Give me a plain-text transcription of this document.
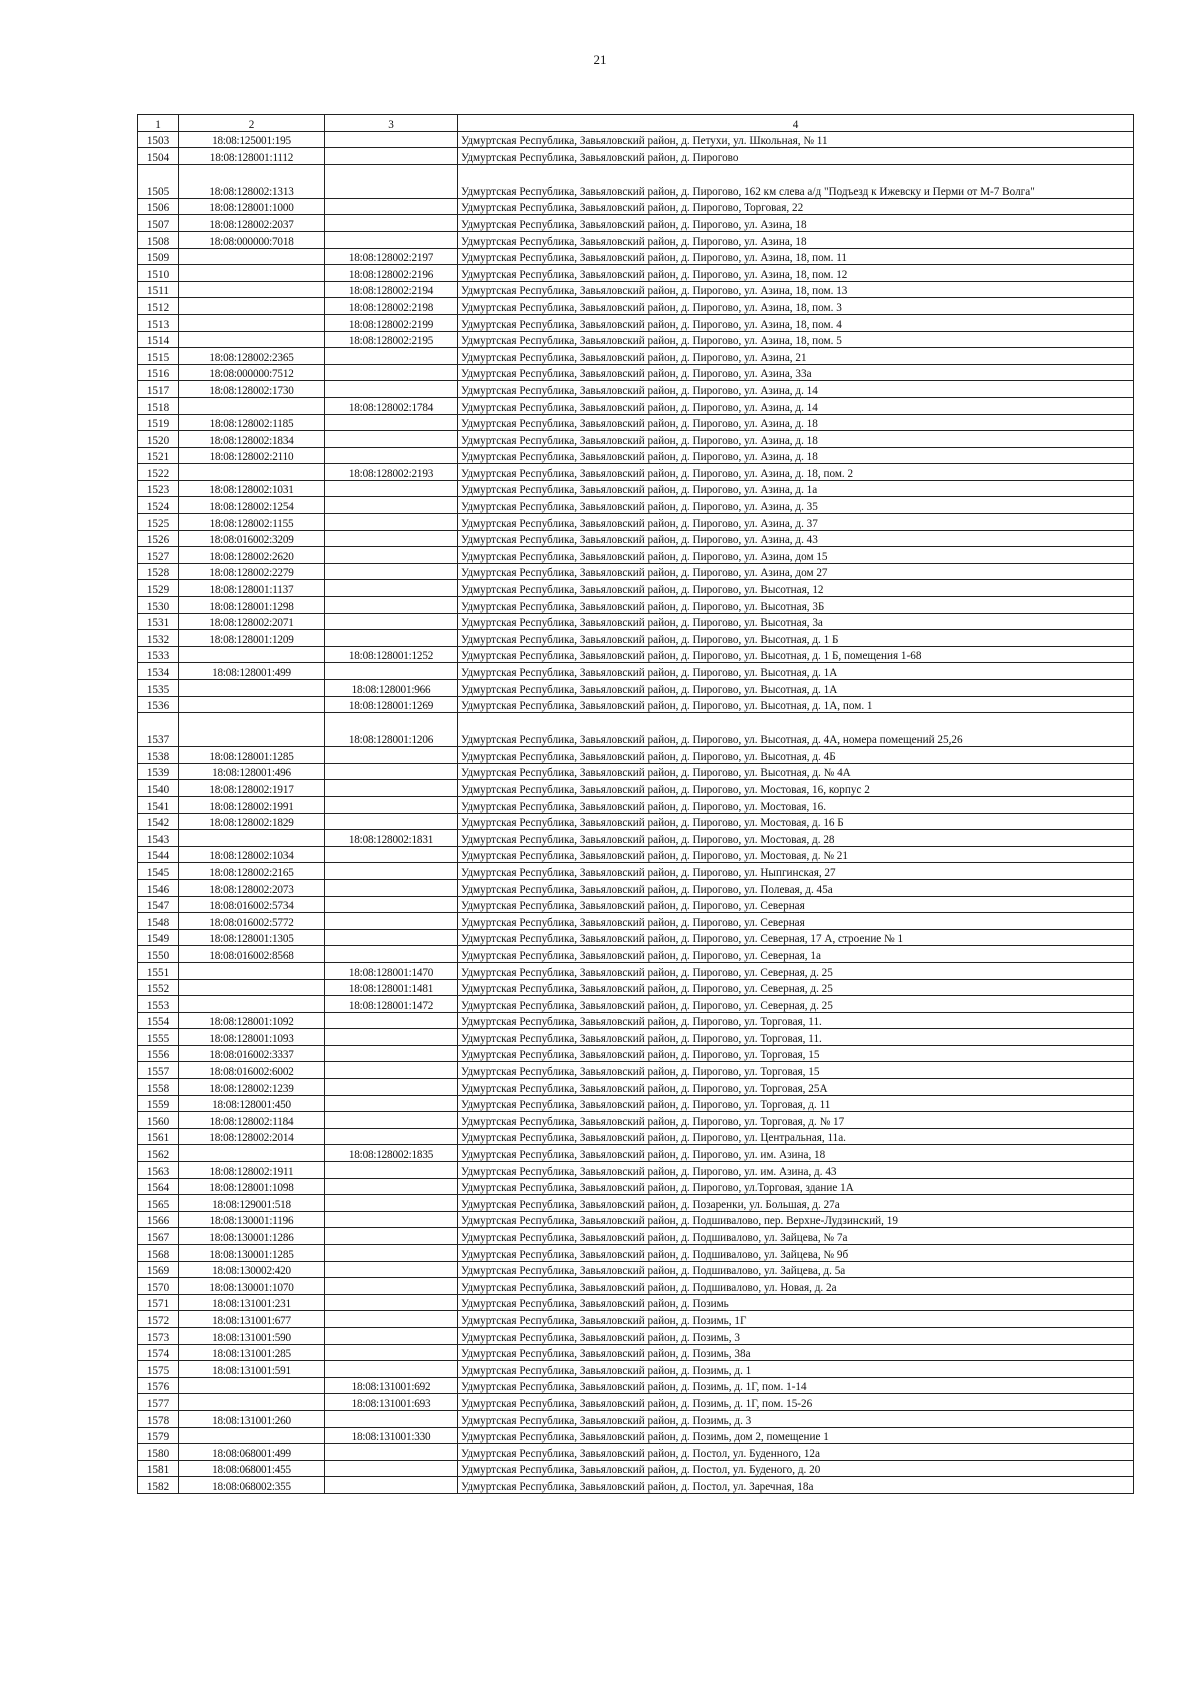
21
1	2	3	4
1503	18:08:125001:195		Удмуртская Республика, Завьяловский район, д. Петухи, ул. Школьная, № 11
1504	18:08:128001:1112		Удмуртская Республика, Завьяловский район, д. Пирогово
1505	18:08:128002:1313		Удмуртская Республика, Завьяловский район, д. Пирогово, 162 км слева а/д "Подъезд к Ижевску и Перми от М-7 Волга"
1506	18:08:128001:1000		Удмуртская Республика, Завьяловский район, д. Пирогово, Торговая, 22
1507	18:08:128002:2037		Удмуртская Республика, Завьяловский район, д. Пирогово, ул. Азина, 18
1508	18:08:000000:7018		Удмуртская Республика, Завьяловский район, д. Пирогово, ул. Азина, 18
1509		18:08:128002:2197	Удмуртская Республика, Завьяловский район, д. Пирогово, ул. Азина, 18, пом. 11
1510		18:08:128002:2196	Удмуртская Республика, Завьяловский район, д. Пирогово, ул. Азина, 18, пом. 12
1511		18:08:128002:2194	Удмуртская Республика, Завьяловский район, д. Пирогово, ул. Азина, 18, пом. 13
1512		18:08:128002:2198	Удмуртская Республика, Завьяловский район, д. Пирогово, ул. Азина, 18, пом. 3
1513		18:08:128002:2199	Удмуртская Республика, Завьяловский район, д. Пирогово, ул. Азина, 18, пом. 4
1514		18:08:128002:2195	Удмуртская Республика, Завьяловский район, д. Пирогово, ул. Азина, 18, пом. 5
1515	18:08:128002:2365		Удмуртская Республика, Завьяловский район, д. Пирогово, ул. Азина, 21
1516	18:08:000000:7512		Удмуртская Республика, Завьяловский район, д. Пирогово, ул. Азина, 33а
1517	18:08:128002:1730		Удмуртская Республика, Завьяловский район, д. Пирогово, ул. Азина, д. 14
1518		18:08:128002:1784	Удмуртская Республика, Завьяловский район, д. Пирогово, ул. Азина, д. 14
1519	18:08:128002:1185		Удмуртская Республика, Завьяловский район, д. Пирогово, ул. Азина, д. 18
1520	18:08:128002:1834		Удмуртская Республика, Завьяловский район, д. Пирогово, ул. Азина, д. 18
1521	18:08:128002:2110		Удмуртская Республика, Завьяловский район, д. Пирогово, ул. Азина, д. 18
1522		18:08:128002:2193	Удмуртская Республика, Завьяловский район, д. Пирогово, ул. Азина, д. 18, пом. 2
1523	18:08:128002:1031		Удмуртская Республика, Завьяловский район, д. Пирогово, ул. Азина, д. 1а
1524	18:08:128002:1254		Удмуртская Республика, Завьяловский район, д. Пирогово, ул. Азина, д. 35
1525	18:08:128002:1155		Удмуртская Республика, Завьяловский район, д. Пирогово, ул. Азина, д. 37
1526	18:08:016002:3209		Удмуртская Республика, Завьяловский район, д. Пирогово, ул. Азина, д. 43
1527	18:08:128002:2620		Удмуртская Республика, Завьяловский район, д. Пирогово, ул. Азина, дом 15
1528	18:08:128002:2279		Удмуртская Республика, Завьяловский район, д. Пирогово, ул. Азина, дом 27
1529	18:08:128001:1137		Удмуртская Республика, Завьяловский район, д. Пирогово, ул. Высотная, 12
1530	18:08:128001:1298		Удмуртская Республика, Завьяловский район, д. Пирогово, ул. Высотная, 3Б
1531	18:08:128002:2071		Удмуртская Республика, Завьяловский район, д. Пирогово, ул. Высотная, 3а
1532	18:08:128001:1209		Удмуртская Республика, Завьяловский район, д. Пирогово, ул. Высотная, д. 1 Б
1533		18:08:128001:1252	Удмуртская Республика, Завьяловский район, д. Пирогово, ул. Высотная, д. 1 Б, помещения 1-68
1534	18:08:128001:499		Удмуртская Республика, Завьяловский район, д. Пирогово, ул. Высотная, д. 1А
1535		18:08:128001:966	Удмуртская Республика, Завьяловский район, д. Пирогово, ул. Высотная, д. 1А
1536		18:08:128001:1269	Удмуртская Республика, Завьяловский район, д. Пирогово, ул. Высотная, д. 1А, пом. 1
1537		18:08:128001:1206	Удмуртская Республика, Завьяловский район, д. Пирогово, ул. Высотная, д. 4А, номера помещений 25,26
1538	18:08:128001:1285		Удмуртская Республика, Завьяловский район, д. Пирогово, ул. Высотная, д. 4Б
1539	18:08:128001:496		Удмуртская Республика, Завьяловский район, д. Пирогово, ул. Высотная, д. № 4А
1540	18:08:128002:1917		Удмуртская Республика, Завьяловский район, д. Пирогово, ул. Мостовая, 16, корпус 2
1541	18:08:128002:1991		Удмуртская Республика, Завьяловский район, д. Пирогово, ул. Мостовая, 16.
1542	18:08:128002:1829		Удмуртская Республика, Завьяловский район, д. Пирогово, ул. Мостовая, д. 16 Б
1543		18:08:128002:1831	Удмуртская Республика, Завьяловский район, д. Пирогово, ул. Мостовая, д. 28
1544	18:08:128002:1034		Удмуртская Республика, Завьяловский район, д. Пирогово, ул. Мостовая, д. № 21
1545	18:08:128002:2165		Удмуртская Республика, Завьяловский район, д. Пирогово, ул. Ныпгинская, 27
1546	18:08:128002:2073		Удмуртская Республика, Завьяловский район, д. Пирогово, ул. Полевая, д. 45а
1547	18:08:016002:5734		Удмуртская Республика, Завьяловский район, д. Пирогово, ул. Северная
1548	18:08:016002:5772		Удмуртская Республика, Завьяловский район, д. Пирогово, ул. Северная
1549	18:08:128001:1305		Удмуртская Республика, Завьяловский район, д. Пирогово, ул. Северная, 17 А, строение № 1
1550	18:08:016002:8568		Удмуртская Республика, Завьяловский район, д. Пирогово, ул. Северная, 1а
1551		18:08:128001:1470	Удмуртская Республика, Завьяловский район, д. Пирогово, ул. Северная, д. 25
1552		18:08:128001:1481	Удмуртская Республика, Завьяловский район, д. Пирогово, ул. Северная, д. 25
1553		18:08:128001:1472	Удмуртская Республика, Завьяловский район, д. Пирогово, ул. Северная, д. 25
1554	18:08:128001:1092		Удмуртская Республика, Завьяловский район, д. Пирогово, ул. Торговая, 11.
1555	18:08:128001:1093		Удмуртская Республика, Завьяловский район, д. Пирогово, ул. Торговая, 11.
1556	18:08:016002:3337		Удмуртская Республика, Завьяловский район, д. Пирогово, ул. Торговая, 15
1557	18:08:016002:6002		Удмуртская Республика, Завьяловский район, д. Пирогово, ул. Торговая, 15
1558	18:08:128002:1239		Удмуртская Республика, Завьяловский район, д. Пирогово, ул. Торговая, 25А
1559	18:08:128001:450		Удмуртская Республика, Завьяловский район, д. Пирогово, ул. Торговая, д. 11
1560	18:08:128002:1184		Удмуртская Республика, Завьяловский район, д. Пирогово, ул. Торговая, д. № 17
1561	18:08:128002:2014		Удмуртская Республика, Завьяловский район, д. Пирогово, ул. Центральная, 11а.
1562		18:08:128002:1835	Удмуртская Республика, Завьяловский район, д. Пирогово, ул. им. Азина, 18
1563	18:08:128002:1911		Удмуртская Республика, Завьяловский район, д. Пирогово, ул. им. Азина, д. 43
1564	18:08:128001:1098		Удмуртская Республика, Завьяловский район, д. Пирогово, ул.Торговая, здание 1А
1565	18:08:129001:518		Удмуртская Республика, Завьяловский район, д. Позаренки, ул. Большая, д. 27а
1566	18:08:130001:1196		Удмуртская Республика, Завьяловский район, д. Подшивалово, пер. Верхне-Лудзинский, 19
1567	18:08:130001:1286		Удмуртская Республика, Завьяловский район, д. Подшивалово, ул. Зайцева, № 7а
1568	18:08:130001:1285		Удмуртская Республика, Завьяловский район, д. Подшивалово, ул. Зайцева, № 9б
1569	18:08:130002:420		Удмуртская Республика, Завьяловский район, д. Подшивалово, ул. Зайцева, д. 5а
1570	18:08:130001:1070		Удмуртская Республика, Завьяловский район, д. Подшивалово, ул. Новая, д. 2а
1571	18:08:131001:231		Удмуртская Республика, Завьяловский район, д. Позимь
1572	18:08:131001:677		Удмуртская Республика, Завьяловский район, д. Позимь, 1Г
1573	18:08:131001:590		Удмуртская Республика, Завьяловский район, д. Позимь, 3
1574	18:08:131001:285		Удмуртская Республика, Завьяловский район, д. Позимь, 38а
1575	18:08:131001:591		Удмуртская Республика, Завьяловский район, д. Позимь, д. 1
1576		18:08:131001:692	Удмуртская Республика, Завьяловский район, д. Позимь, д. 1Г, пом. 1-14
1577		18:08:131001:693	Удмуртская Республика, Завьяловский район, д. Позимь, д. 1Г, пом. 15-26
1578	18:08:131001:260		Удмуртская Республика, Завьяловский район, д. Позимь, д. 3
1579		18:08:131001:330	Удмуртская Республика, Завьяловский район, д. Позимь, дом 2, помещение 1
1580	18:08:068001:499		Удмуртская Республика, Завьяловский район, д. Постол, ул. Буденного, 12а
1581	18:08:068001:455		Удмуртская Республика, Завьяловский район, д. Постол, ул. Буденого, д. 20
1582	18:08:068002:355		Удмуртская Республика, Завьяловский район, д. Постол, ул. Заречная, 18а
